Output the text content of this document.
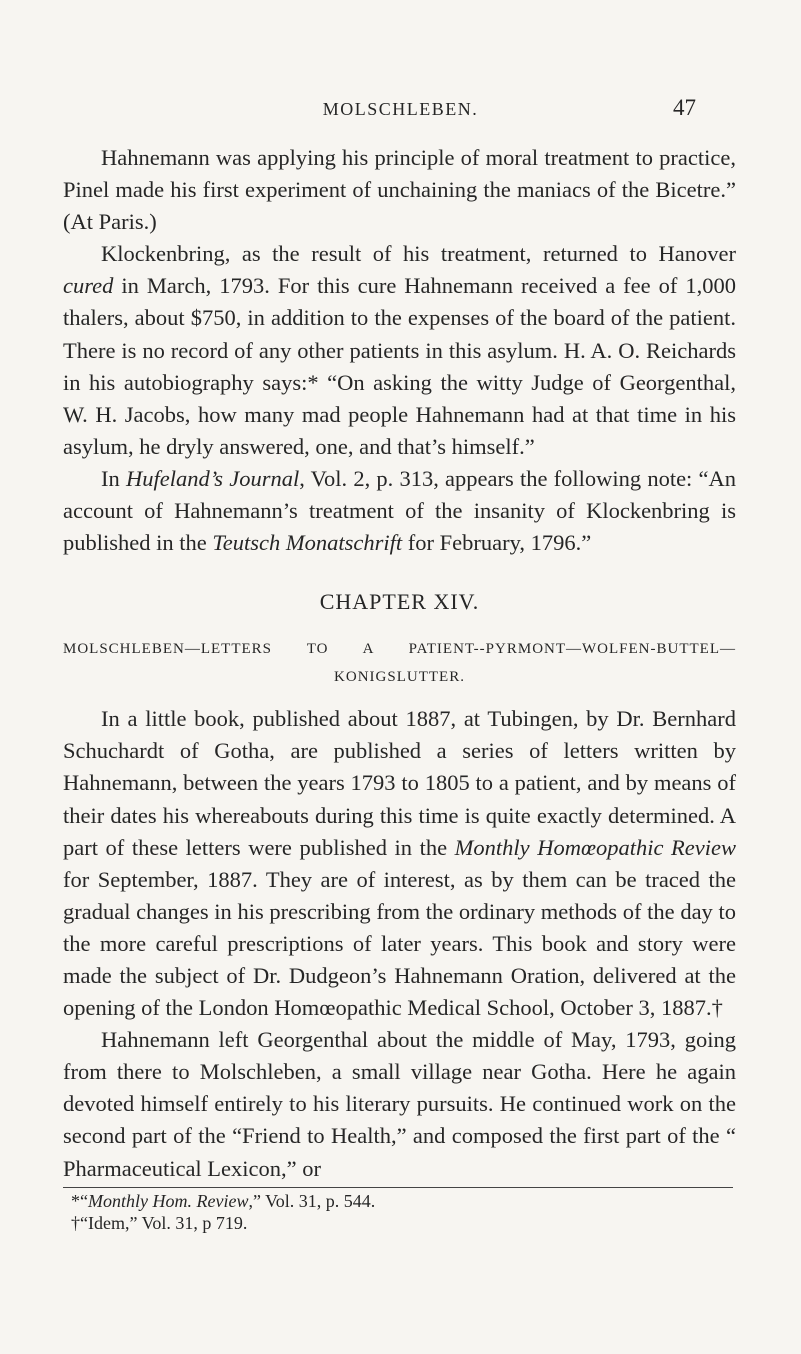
MOLSCHLEBEN.	47

Hahnemann was applying his principle of moral treatment to practice, Pinel made his first experiment of unchaining the maniacs of the Bicetre.” (At Paris.)

Klockenbring, as the result of his treatment, returned to Hanover cured in March, 1793. For this cure Hahnemann received a fee of 1,000 thalers, about $750, in addition to the expenses of the board of the patient. There is no record of any other patients in this asylum. H. A. O. Reichards in his autobiography says:* “On asking the witty Judge of Georgenthal, W. H. Jacobs, how many mad people Hahnemann had at that time in his asylum, he dryly answered, one, and that’s himself.”

In Hufeland’s Journal, Vol. 2, p. 313, appears the following note: “An account of Hahnemann’s treatment of the insanity of Klockenbring is published in the Teutsch Monatschrift for February, 1796.”

CHAPTER XIV.
MOLSCHLEBEN—LETTERS TO A PATIENT--PYRMONT—WOLFEN-BUTTEL—KONIGSLUTTER.

In a little book, published about 1887, at Tubingen, by Dr. Bernhard Schuchardt of Gotha, are published a series of letters written by Hahnemann, between the years 1793 to 1805 to a patient, and by means of their dates his whereabouts during this time is quite exactly determined. A part of these letters were published in the Monthly Homœopathic Review for September, 1887. They are of interest, as by them can be traced the gradual changes in his prescribing from the ordinary methods of the day to the more careful prescriptions of later years. This book and story were made the subject of Dr. Dudgeon’s Hahnemann Oration, delivered at the opening of the London Homœopathic Medical School, October 3, 1887.†

Hahnemann left Georgenthal about the middle of May, 1793, going from there to Molschleben, a small village near Gotha. Here he again devoted himself entirely to his literary pursuits. He continued work on the second part of the “Friend to Health,” and composed the first part of the “ Pharmaceutical Lexicon,” or

*“Monthly Hom. Review,” Vol. 31, p. 544.
†“Idem,” Vol. 31, p 719.
